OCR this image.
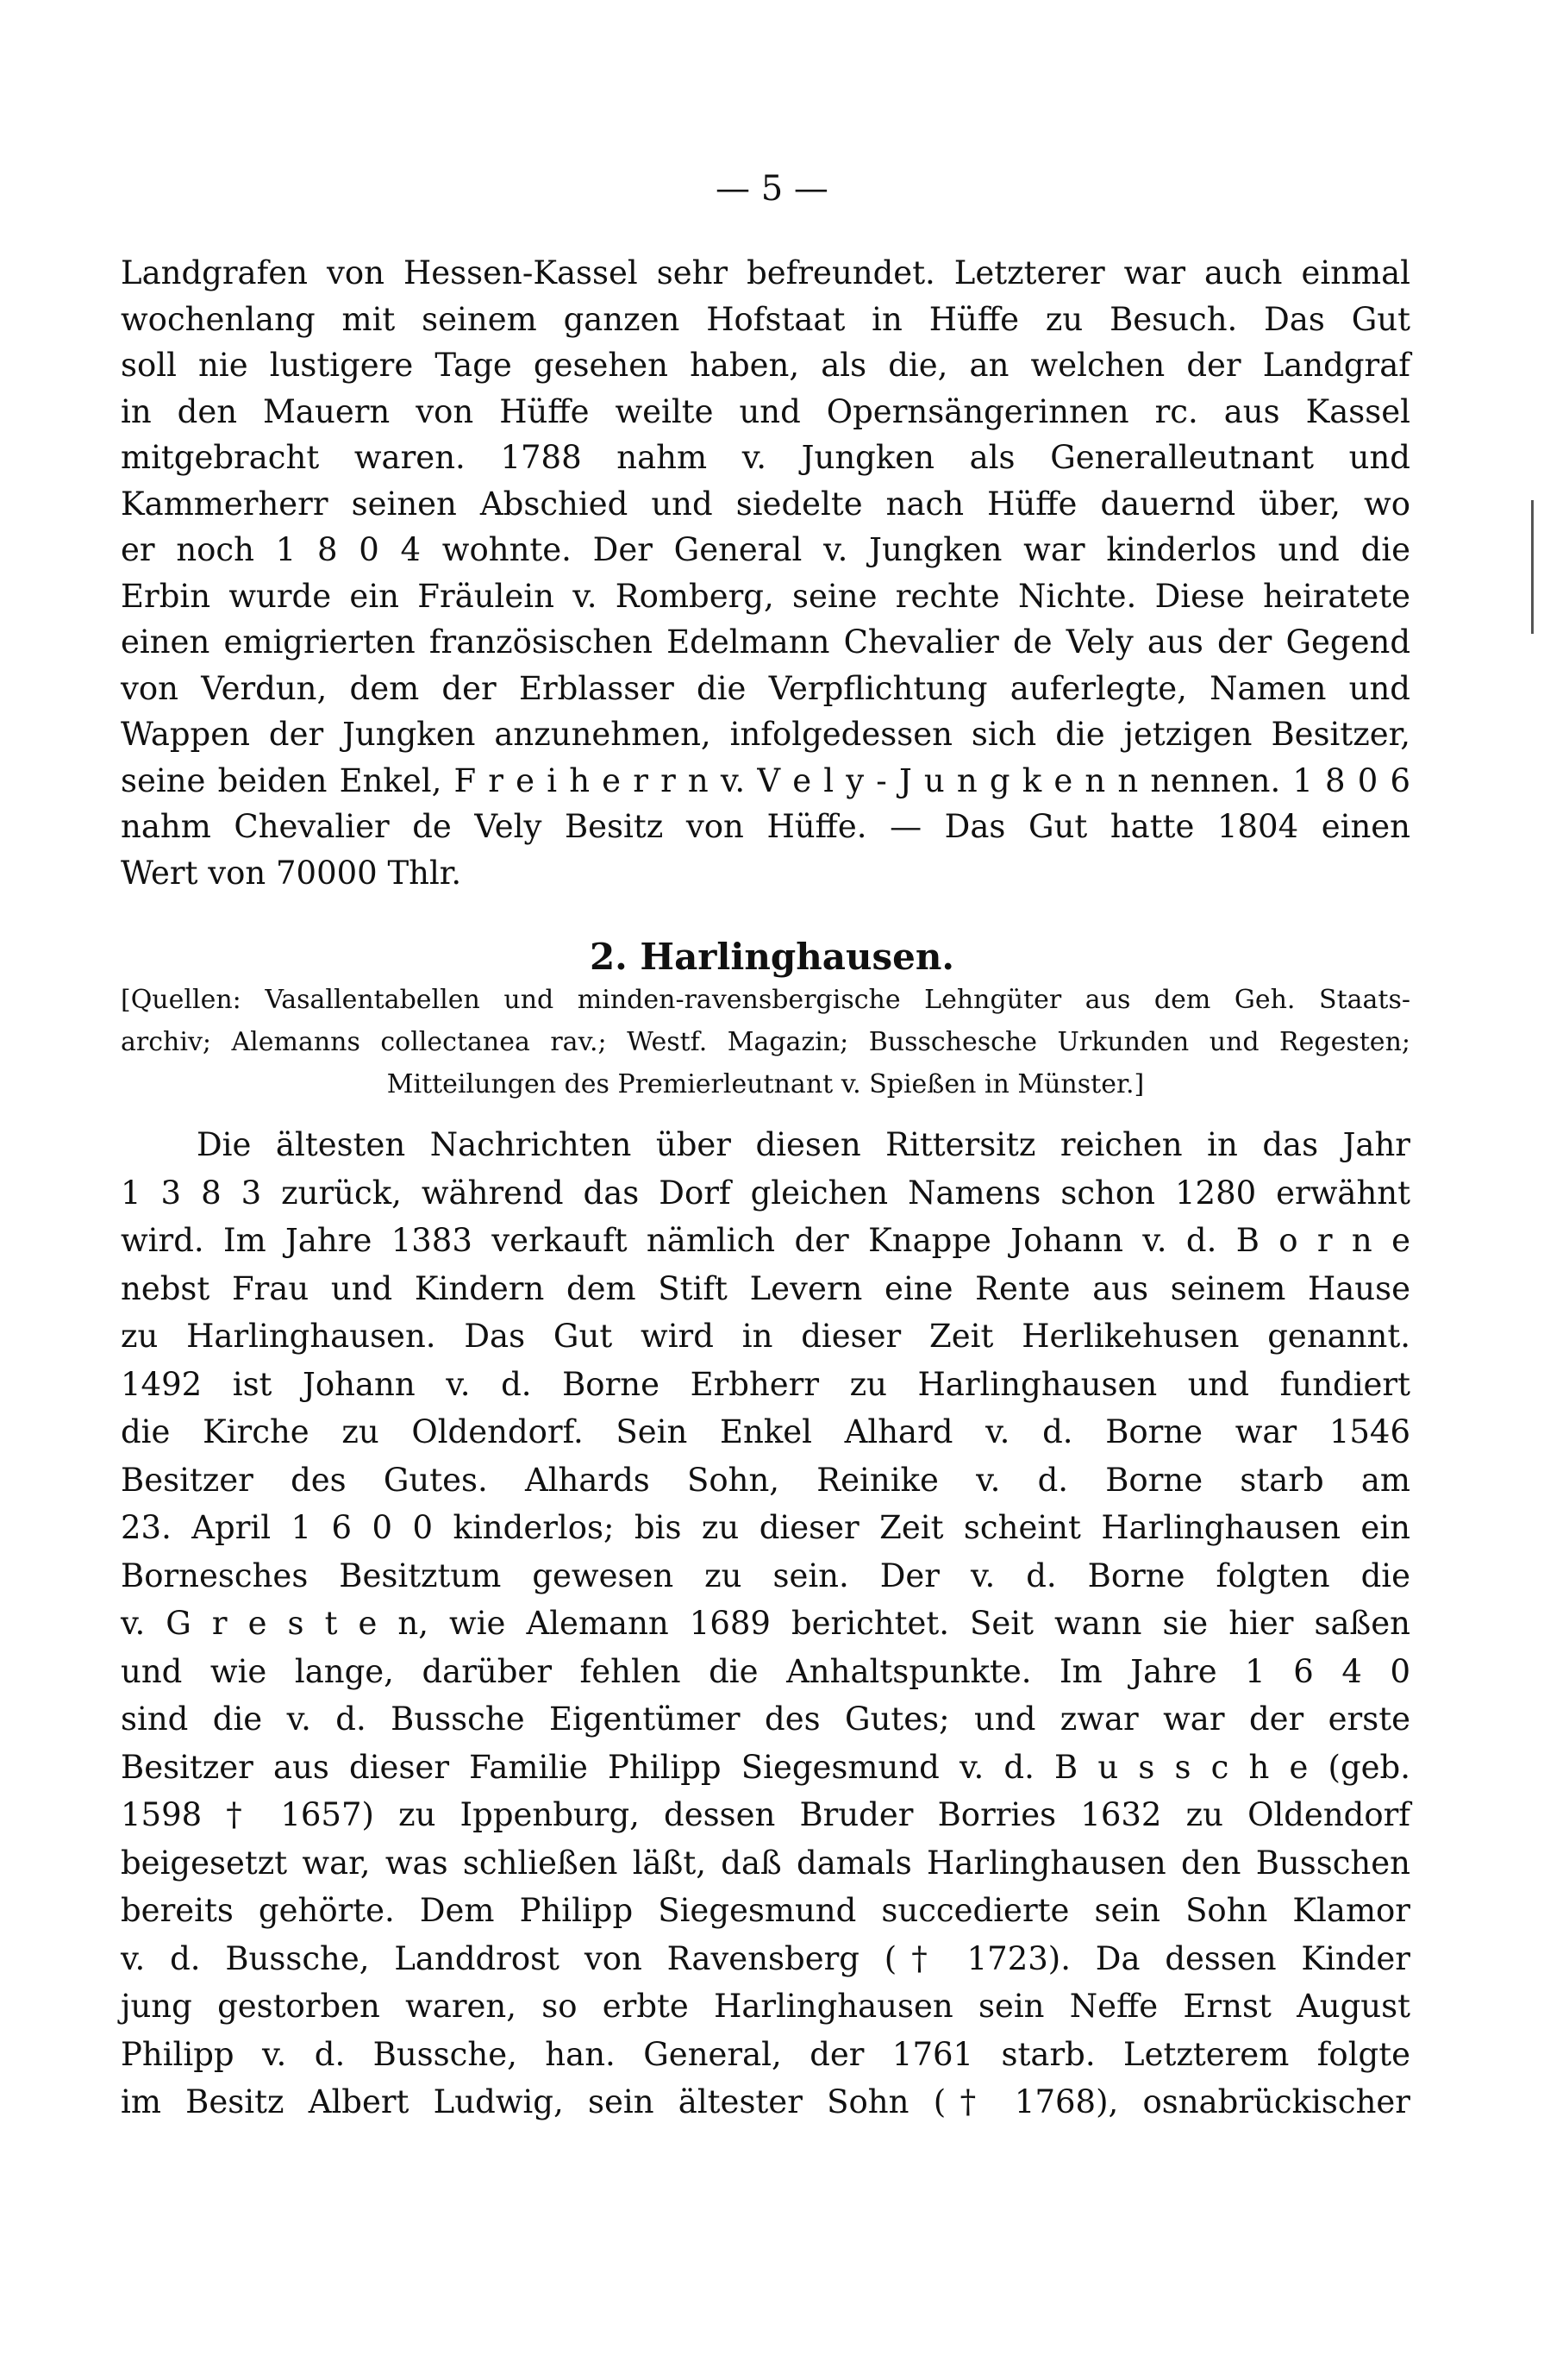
— 5 —
Landgrafen von Hessen-Kassel sehr befreundet. Letzterer war auch einmal
wochenlang mit seinem ganzen Hofstaat in Hüffe zu Besuch. Das Gut
soll nie lustigere Tage gesehen haben, als die, an welchen der Landgraf
in den Mauern von Hüffe weilte und Opernsängerinnen rc. aus Kassel
mitgebracht waren. 1788 nahm v. Jungken als Generalleutnant und
Kammerherr seinen Abschied und siedelte nach Hüffe dauernd über, wo
er noch 1 8 0 4 wohnte. Der General v. Jungken war kinderlos und die
Erbin wurde ein Fräulein v. Romberg, seine rechte Nichte. Diese heiratete
einen emigrierten französischen Edelmann Chevalier de Vely aus der Gegend
von Verdun, dem der Erblasser die Verpflichtung auferlegte, Namen und
Wappen der Jungken anzunehmen, infolgedessen sich die jetzigen Besitzer,
seine beiden Enkel, F r e i h e r r n v. V e l y - J u n g k e n n nennen. 1 8 0 6
nahm Chevalier de Vely Besitz von Hüffe. — Das Gut hatte 1804 einen
Wert von 70000 Thlr.
2. Harlinghausen.
[Quellen: Vasallentabellen und minden-ravensbergische Lehngüter aus dem Geh. Staats-
archiv; Alemanns collectanea rav.; Westf. Magazin; Busschesche Urkunden und Regesten;
Mitteilungen des Premierleutnant v. Spießen in Münster.]
Die ältesten Nachrichten über diesen Rittersitz reichen in das Jahr
1 3 8 3 zurück, während das Dorf gleichen Namens schon 1280 erwähnt
wird. Im Jahre 1383 verkauft nämlich der Knappe Johann v. d. B o r n e
nebst Frau und Kindern dem Stift Levern eine Rente aus seinem Hause
zu Harlinghausen. Das Gut wird in dieser Zeit Herlikehusen genannt.
1492 ist Johann v. d. Borne Erbherr zu Harlinghausen und fundiert
die Kirche zu Oldendorf. Sein Enkel Alhard v. d. Borne war 1546
Besitzer des Gutes. Alhards Sohn, Reinike v. d. Borne starb am
23. April 1 6 0 0 kinderlos; bis zu dieser Zeit scheint Harlinghausen ein
Bornesches Besitztum gewesen zu sein. Der v. d. Borne folgten die
v. G r e s t e n, wie Alemann 1689 berichtet. Seit wann sie hier saßen
und wie lange, darüber fehlen die Anhaltspunkte. Im Jahre 1 6 4 0
sind die v. d. Bussche Eigentümer des Gutes; und zwar war der erste
Besitzer aus dieser Familie Philipp Siegesmund v. d. B u s s c h e (geb.
1598 † 1657) zu Ippenburg, dessen Bruder Borries 1632 zu Oldendorf
beigesetzt war, was schließen läßt, daß damals Harlinghausen den Busschen
bereits gehörte. Dem Philipp Siegesmund succedierte sein Sohn Klamor
v. d. Bussche, Landdrost von Ravensberg († 1723). Da dessen Kinder
jung gestorben waren, so erbte Harlinghausen sein Neffe Ernst August
Philipp v. d. Bussche, han. General, der 1761 starb. Letzterem folgte
im Besitz Albert Ludwig, sein ältester Sohn († 1768), osnabrückischer
